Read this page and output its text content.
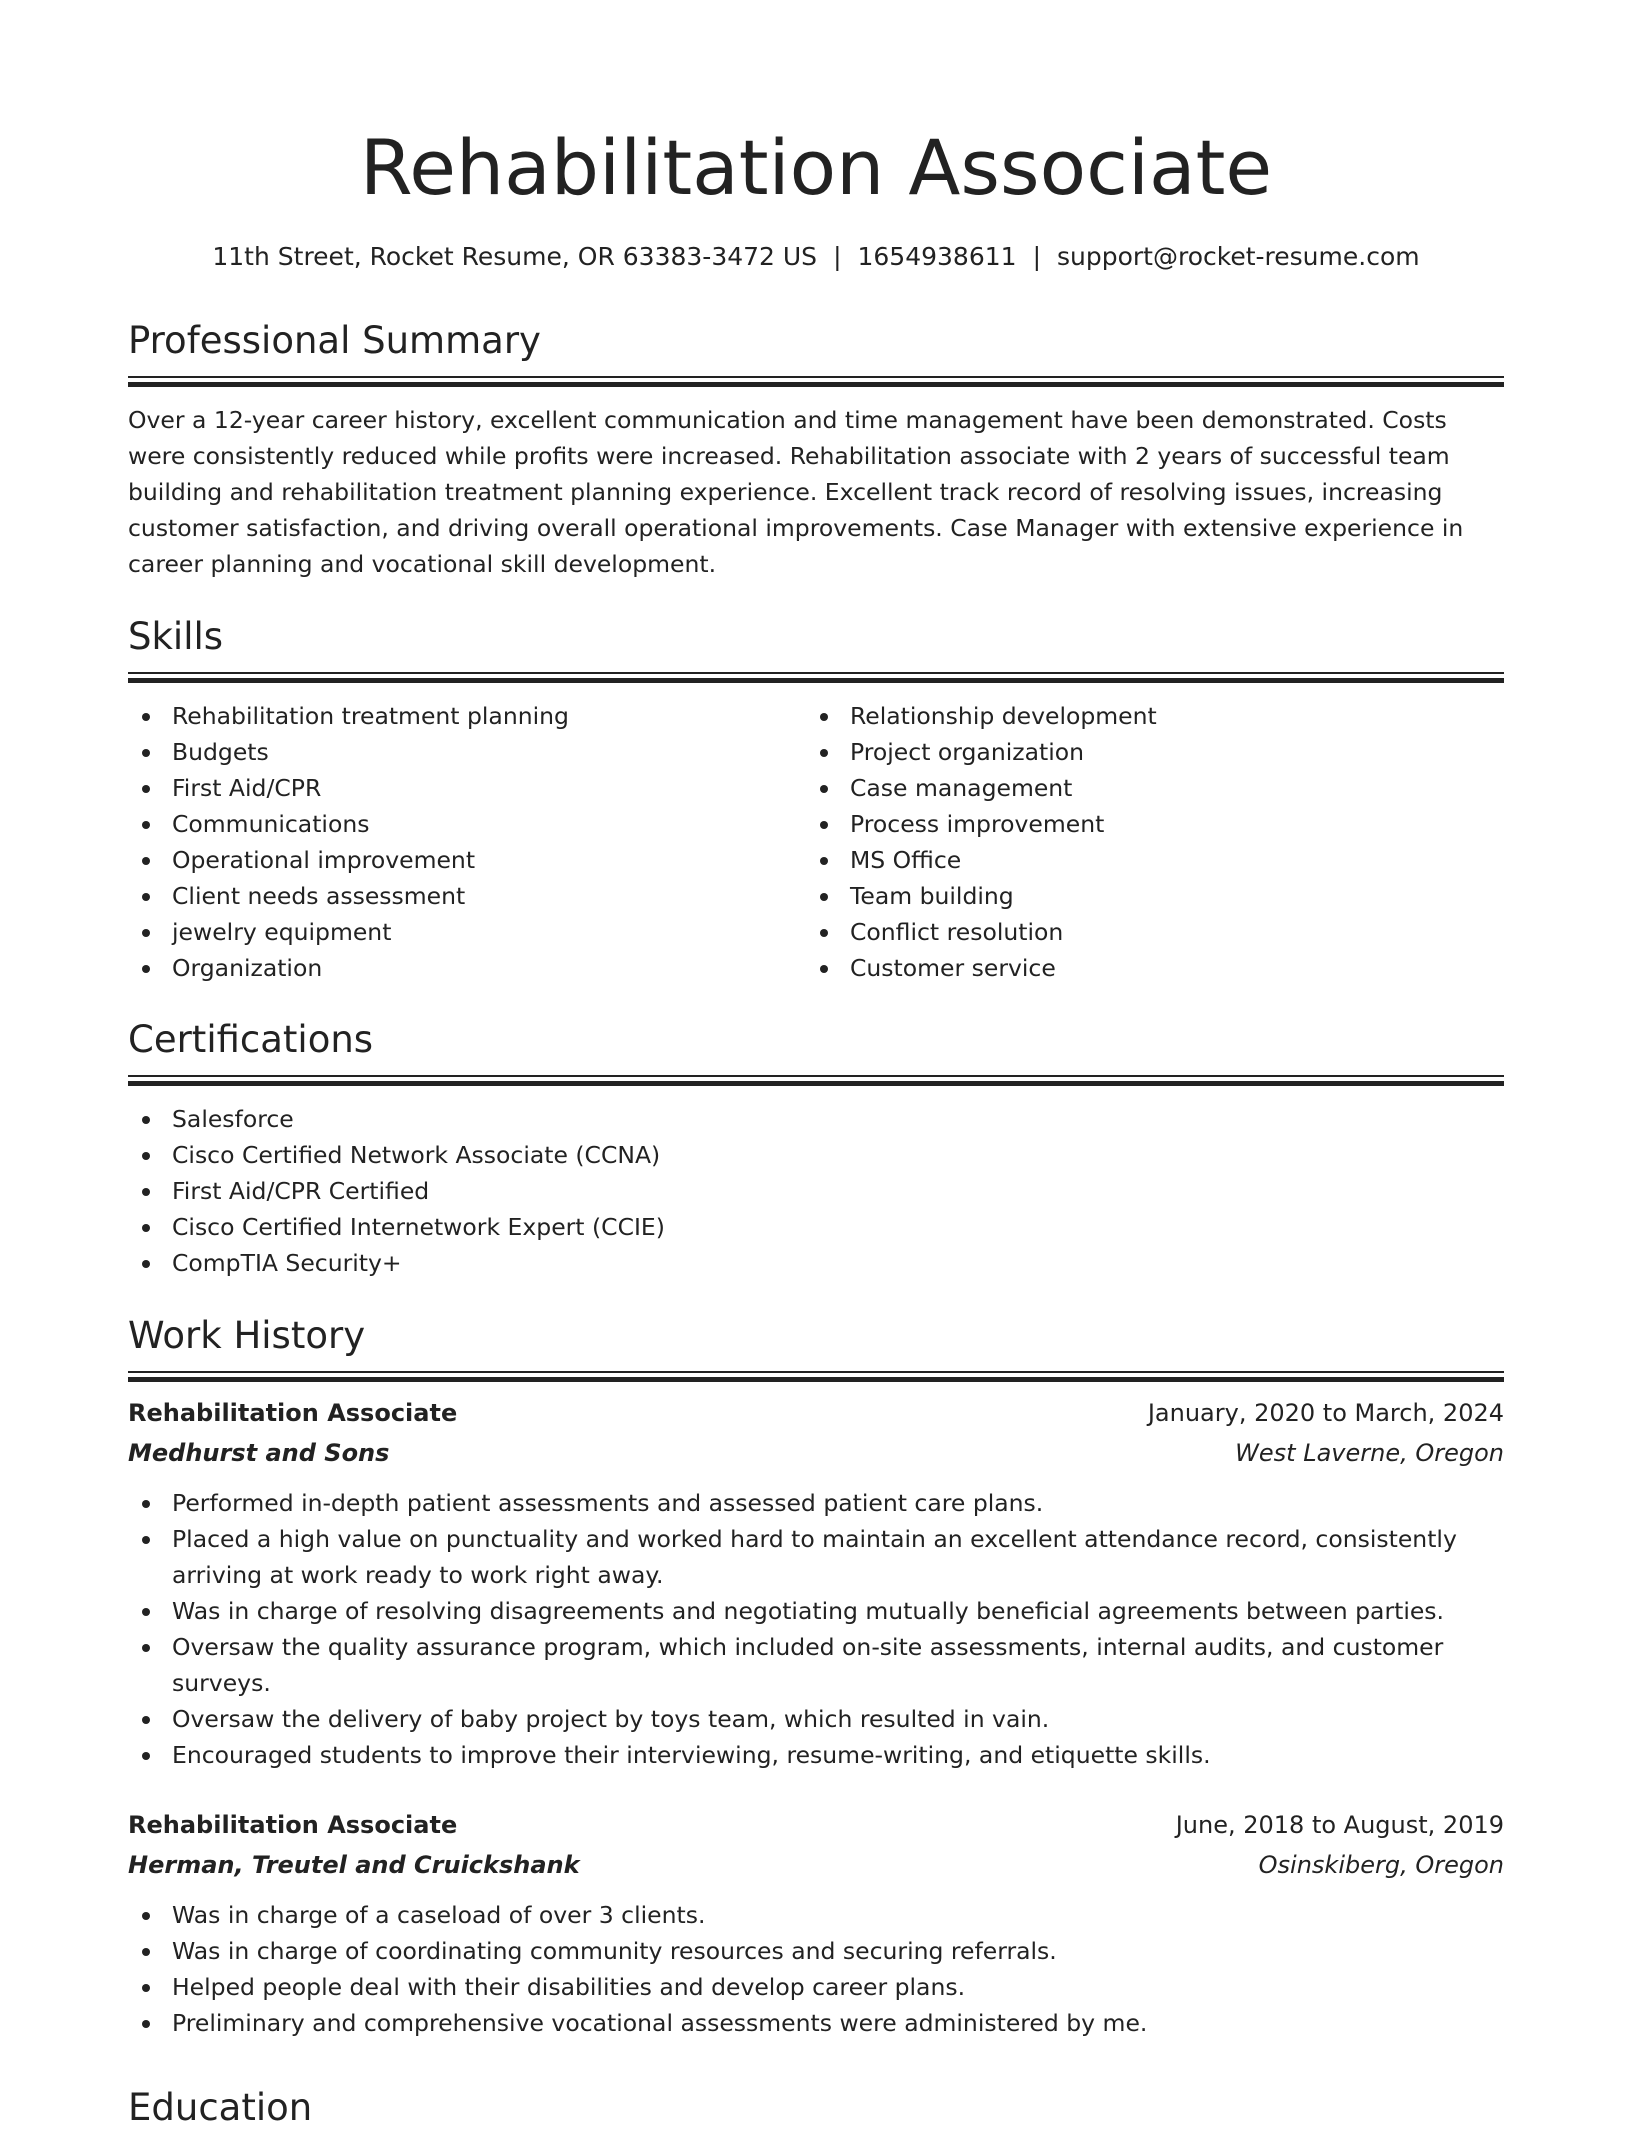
Rehabilitation Associate
11th Street, Rocket Resume, OR 63383-3472 US | 1654938611 | support@rocket-resume.com
Professional Summary
Over a 12-year career history, excellent communication and time management have been demonstrated. Costs were consistently reduced while profits were increased. Rehabilitation associate with 2 years of successful team building and rehabilitation treatment planning experience. Excellent track record of resolving issues, increasing customer satisfaction, and driving overall operational improvements. Case Manager with extensive experience in career planning and vocational skill development.
Skills
Rehabilitation treatment planning
Budgets
First Aid/CPR
Communications
Operational improvement
Client needs assessment
jewelry equipment
Organization
Relationship development
Project organization
Case management
Process improvement
MS Office
Team building
Conflict resolution
Customer service
Certifications
Salesforce
Cisco Certified Network Associate (CCNA)
First Aid/CPR Certified
Cisco Certified Internetwork Expert (CCIE)
CompTIA Security+
Work History
Rehabilitation Associate	January, 2020 to March, 2024
Medhurst and Sons	West Laverne, Oregon
Performed in-depth patient assessments and assessed patient care plans.
Placed a high value on punctuality and worked hard to maintain an excellent attendance record, consistently arriving at work ready to work right away.
Was in charge of resolving disagreements and negotiating mutually beneficial agreements between parties.
Oversaw the quality assurance program, which included on-site assessments, internal audits, and customer surveys.
Oversaw the delivery of baby project by toys team, which resulted in vain.
Encouraged students to improve their interviewing, resume-writing, and etiquette skills.
Rehabilitation Associate	June, 2018 to August, 2019
Herman, Treutel and Cruickshank	Osinskiberg, Oregon
Was in charge of a caseload of over 3 clients.
Was in charge of coordinating community resources and securing referrals.
Helped people deal with their disabilities and develop career plans.
Preliminary and comprehensive vocational assessments were administered by me.
Education
